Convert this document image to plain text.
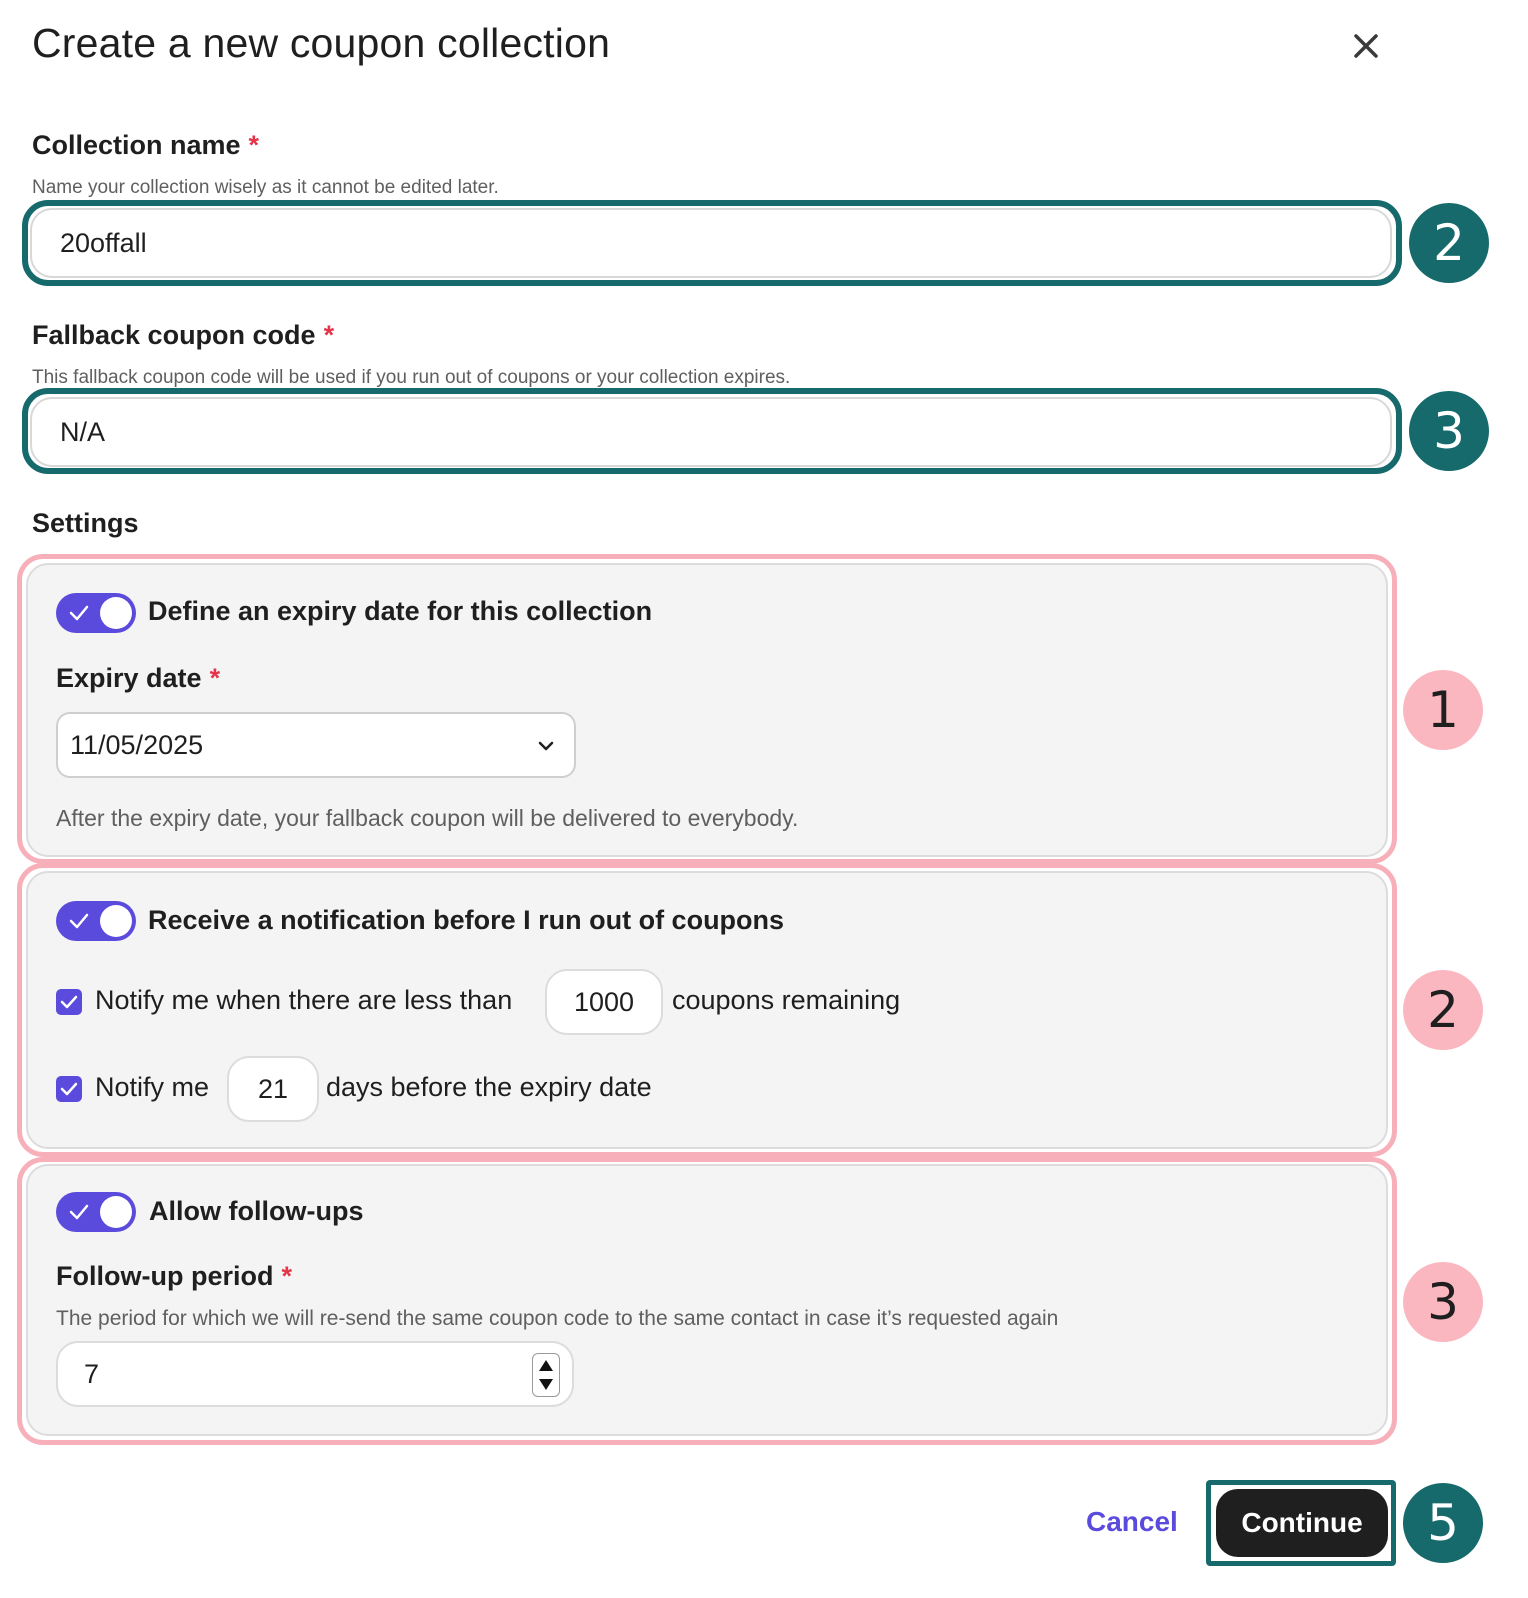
Create a new coupon collection
Collection name *
Name your collection wisely as it cannot be edited later.
20offall	2
Fallback coupon code *
This fallback coupon code will be used if you run out of coupons or your collection expires.
N/A	3
Settings
Define an expiry date for this collection
Expiry date *
11/05/2025
After the expiry date, your fallback coupon will be delivered to everybody.
1
Receive a notification before I run out of coupons
Notify me when there are less than	1000	coupons remaining
Notify me	21	days before the expiry date
2
Allow follow-ups
Follow-up period *
The period for which we will re-send the same coupon code to the same contact in case it’s requested again
7
3
Cancel	Continue	5
